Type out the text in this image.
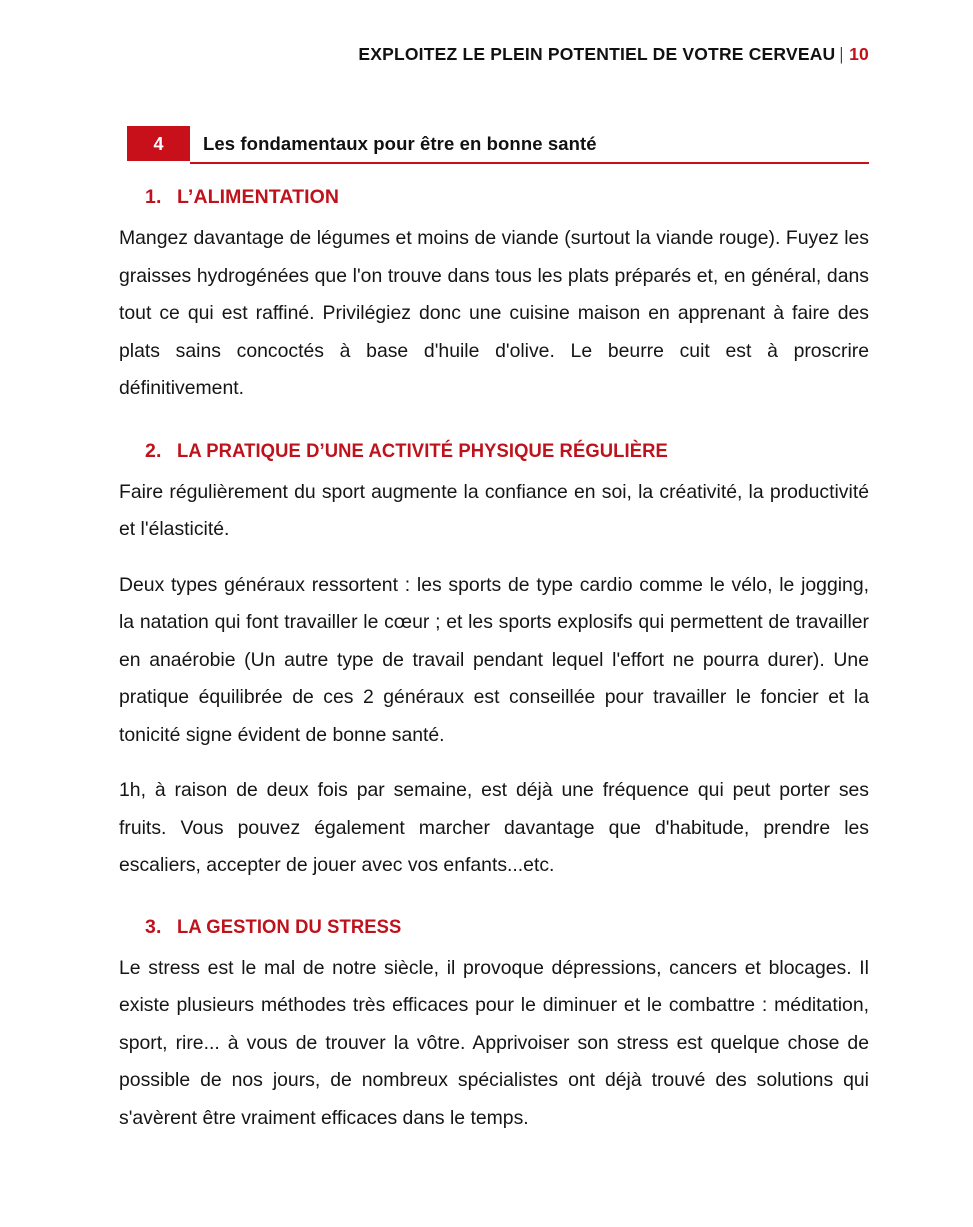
EXPLOITEZ LE PLEIN POTENTIEL DE VOTRE CERVEAU | 10
4	Les fondamentaux pour être en bonne santé
1. L’ALIMENTATION

Mangez davantage de légumes et moins de viande (surtout la viande rouge). Fuyez les graisses hydrogénées que l'on trouve dans tous les plats préparés et, en général, dans tout ce qui est raffiné. Privilégiez donc une cuisine maison en apprenant à faire des plats sains concoctés à base d'huile d'olive. Le beurre cuit est à proscrire définitivement.

2. LA PRATIQUE D’UNE ACTIVITÉ PHYSIQUE RÉGULIÈRE

Faire régulièrement du sport augmente la confiance en soi, la créativité, la productivité et l'élasticité.

Deux types généraux ressortent : les sports de type cardio comme le vélo, le jogging, la natation qui font travailler le cœur ; et les sports explosifs qui permettent de travailler en anaérobie (Un autre type de travail pendant lequel l'effort ne pourra durer). Une pratique équilibrée de ces 2 généraux est conseillée pour travailler le foncier et la tonicité signe évident de bonne santé.

1h, à raison de deux fois par semaine, est déjà une fréquence qui peut porter ses fruits. Vous pouvez également marcher davantage que d'habitude, prendre les escaliers, accepter de jouer avec vos enfants...etc.

3. LA GESTION DU STRESS

Le stress est le mal de notre siècle, il provoque dépressions, cancers et blocages. Il existe plusieurs méthodes très efficaces pour le diminuer et le combattre : méditation, sport, rire... à vous de trouver la vôtre. Apprivoiser son stress est quelque chose de possible de nos jours, de nombreux spécialistes ont déjà trouvé des solutions qui s'avèrent être vraiment efficaces dans le temps.
